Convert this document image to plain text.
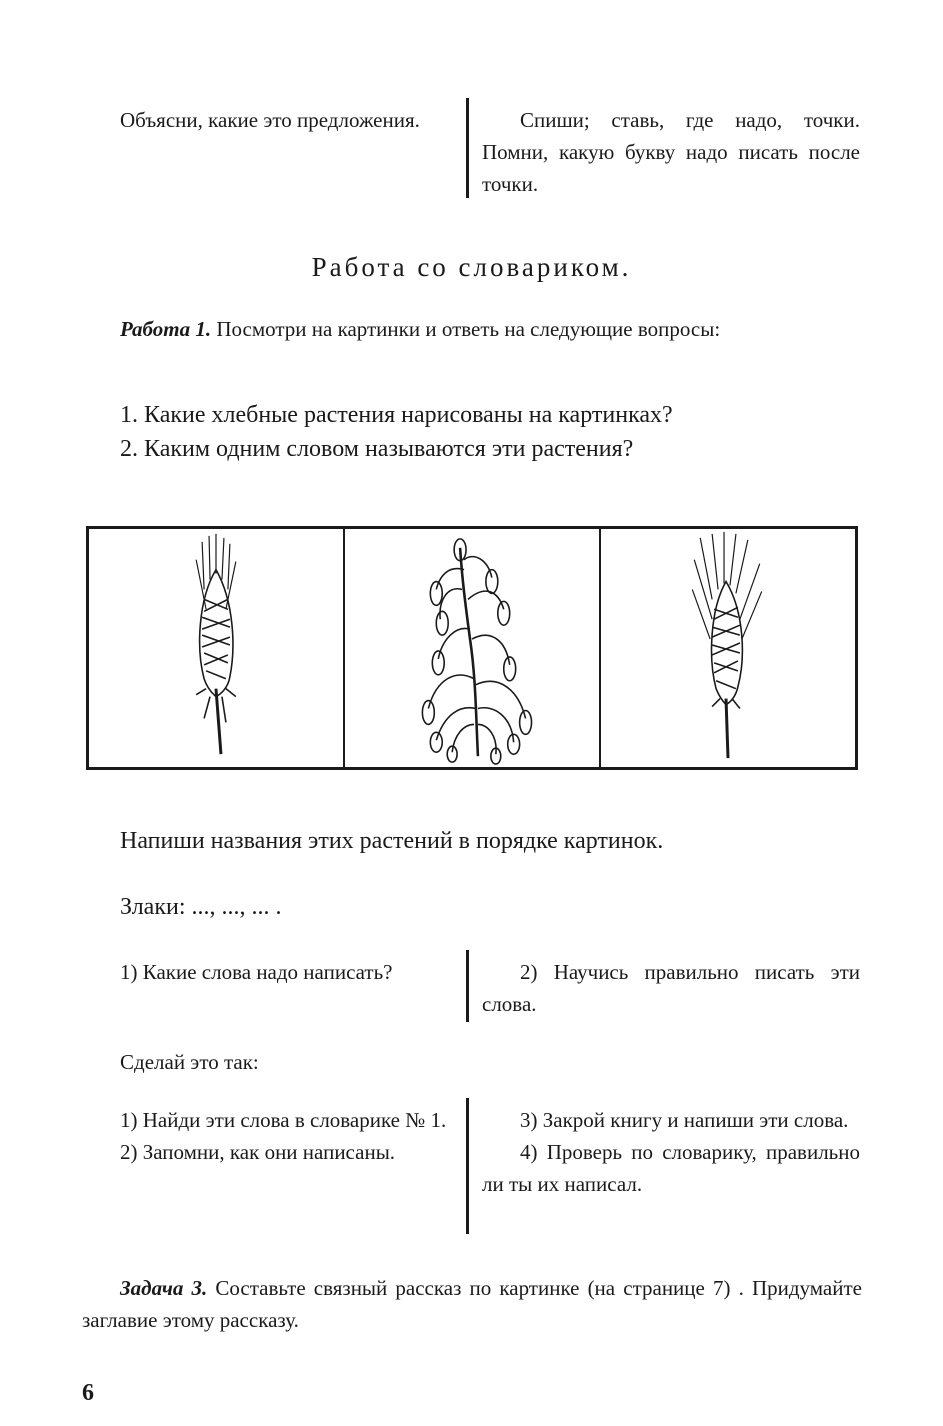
Объясни, какие это предложения.	Спиши; ставь, где надо, точки. Помни, какую букву надо писать после точки.
Работа со словариком.

Работа 1. Посмотри на картинки и ответь на следующие вопросы:

1. Какие хлебные растения нарисованы на картинках?

2. Каким одним словом называются эти растения?

Напиши названия этих растений в порядке картинок.

Злаки: ..., ..., ... .

1) Какие слова надо написать?	2) Научись правильно писать эти слова.

Сделай это так:

1) Найди эти слова в словарике № 1.
2) Запомни, как они написаны.
3) Закрой книгу и напиши эти слова.
4) Проверь по словарику, правильно ли ты их написал.

Задача 3. Составьте связный рассказ по картинке (на странице 7) . Придумайте заглавие этому рассказу.

6
